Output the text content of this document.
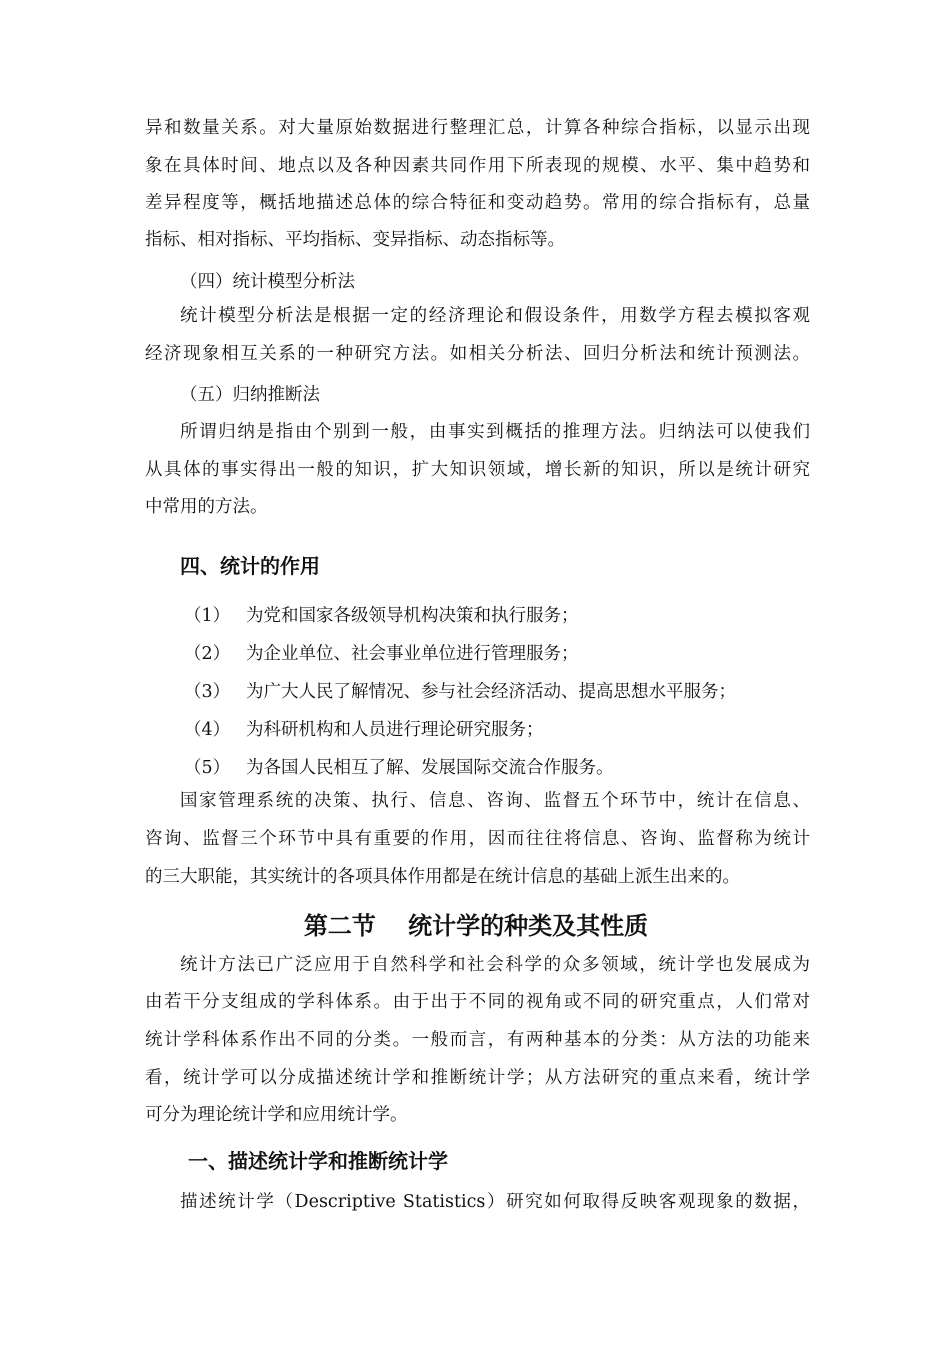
异和数量关系。对大量原始数据进行整理汇总，计算各种综合指标，以显示出现
象在具体时间、地点以及各种因素共同作用下所表现的规模、水平、集中趋势和
差异程度等，概括地描述总体的综合特征和变动趋势。常用的综合指标有，总量
指标、相对指标、平均指标、变异指标、动态指标等。
（四）统计模型分析法
统计模型分析法是根据一定的经济理论和假设条件，用数学方程去模拟客观
经济现象相互关系的一种研究方法。如相关分析法、回归分析法和统计预测法。
（五）归纳推断法
所谓归纳是指由个别到一般，由事实到概括的推理方法。归纳法可以使我们
从具体的事实得出一般的知识，扩大知识领域，增长新的知识，所以是统计研究
中常用的方法。
四、统计的作用
（1） 为党和国家各级领导机构决策和执行服务；
（2） 为企业单位、社会事业单位进行管理服务；
（3） 为广大人民了解情况、参与社会经济活动、提高思想水平服务；
（4） 为科研机构和人员进行理论研究服务；
（5） 为各国人民相互了解、发展国际交流合作服务。
国家管理系统的决策、执行、信息、咨询、监督五个环节中，统计在信息、
咨询、监督三个环节中具有重要的作用，因而往往将信息、咨询、监督称为统计
的三大职能，其实统计的各项具体作用都是在统计信息的基础上派生出来的。
第二节　 统计学的种类及其性质
统计方法已广泛应用于自然科学和社会科学的众多领域，统计学也发展成为
由若干分支组成的学科体系。由于出于不同的视角或不同的研究重点，人们常对
统计学科体系作出不同的分类。一般而言，有两种基本的分类：从方法的功能来
看，统计学可以分成描述统计学和推断统计学；从方法研究的重点来看，统计学
可分为理论统计学和应用统计学。
一、描述统计学和推断统计学
描述统计学（Descriptive Statistics）研究如何取得反映客观现象的数据，
